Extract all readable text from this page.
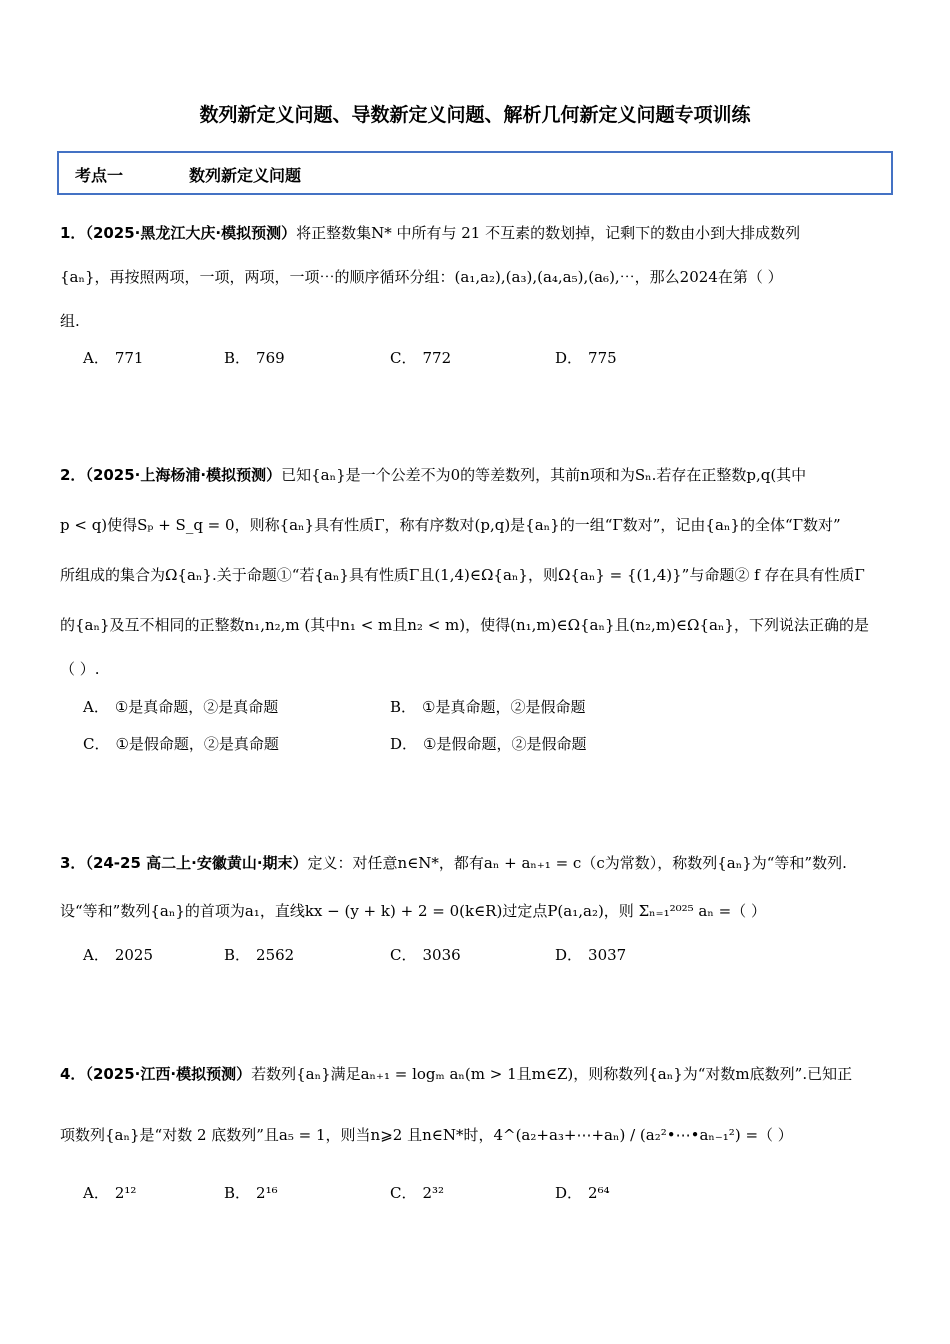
数列新定义问题、导数新定义问题、解析几何新定义问题专项训练
考点一	数列新定义问题
1．（2025·黑龙江大庆·模拟预测）将正整数集N* 中所有与 21 不互素的数划掉，记剩下的数由小到大排成数列
{aₙ}，再按照两项，一项，两项，一项⋯的顺序循环分组：(a₁,a₂),(a₃),(a₄,a₅),(a₆),⋯，那么2024在第（ ）
组.
A． 771	B． 769	C． 772	D． 775
2．（2025·上海杨浦·模拟预测）已知{aₙ}是一个公差不为0的等差数列，其前n项和为Sₙ.若存在正整数p,q(其中
p < q)使得Sₚ + S_q = 0，则称{aₙ}具有性质Γ，称有序数对(p,q)是{aₙ}的一组“Γ数对”，记由{aₙ}的全体“Γ数对”
所组成的集合为Ω{aₙ}.关于命题①“若{aₙ}具有性质Γ且(1,4)∈Ω{aₙ}，则Ω{aₙ} = {(1,4)}”与命题② f 存在具有性质Γ
的{aₙ}及互不相同的正整数n₁,n₂,m (其中n₁ < m且n₂ < m)，使得(n₁,m)∈Ω{aₙ}且(n₂,m)∈Ω{aₙ}，下列说法正确的是
（ ）.
A． ①是真命题，②是真命题	B． ①是真命题，②是假命题
C． ①是假命题，②是真命题	D． ①是假命题，②是假命题
3．（24-25 高二上·安徽黄山·期末）定义：对任意n∈N*，都有aₙ + aₙ₊₁ = c（c为常数），称数列{aₙ}为“等和”数列.
设“等和”数列{aₙ}的首项为a₁，直线kx − (y + k) + 2 = 0(k∈R)过定点P(a₁,a₂)，则 Σₙ₌₁²⁰²⁵ aₙ =（ ）
A． 2025	B． 2562	C． 3036	D． 3037
4．（2025·江西·模拟预测）若数列{aₙ}满足aₙ₊₁ = logₘ aₙ(m > 1且m∈Z)，则称数列{aₙ}为“对数m底数列”.已知正
项数列{aₙ}是“对数 2 底数列”且a₅ = 1，则当n⩾2 且n∈N*时，4^(a₂+a₃+⋯+aₙ) / (a₂²•⋯•aₙ₋₁²) =（ ）
A． 2¹²	B． 2¹⁶	C． 2³²	D． 2⁶⁴
